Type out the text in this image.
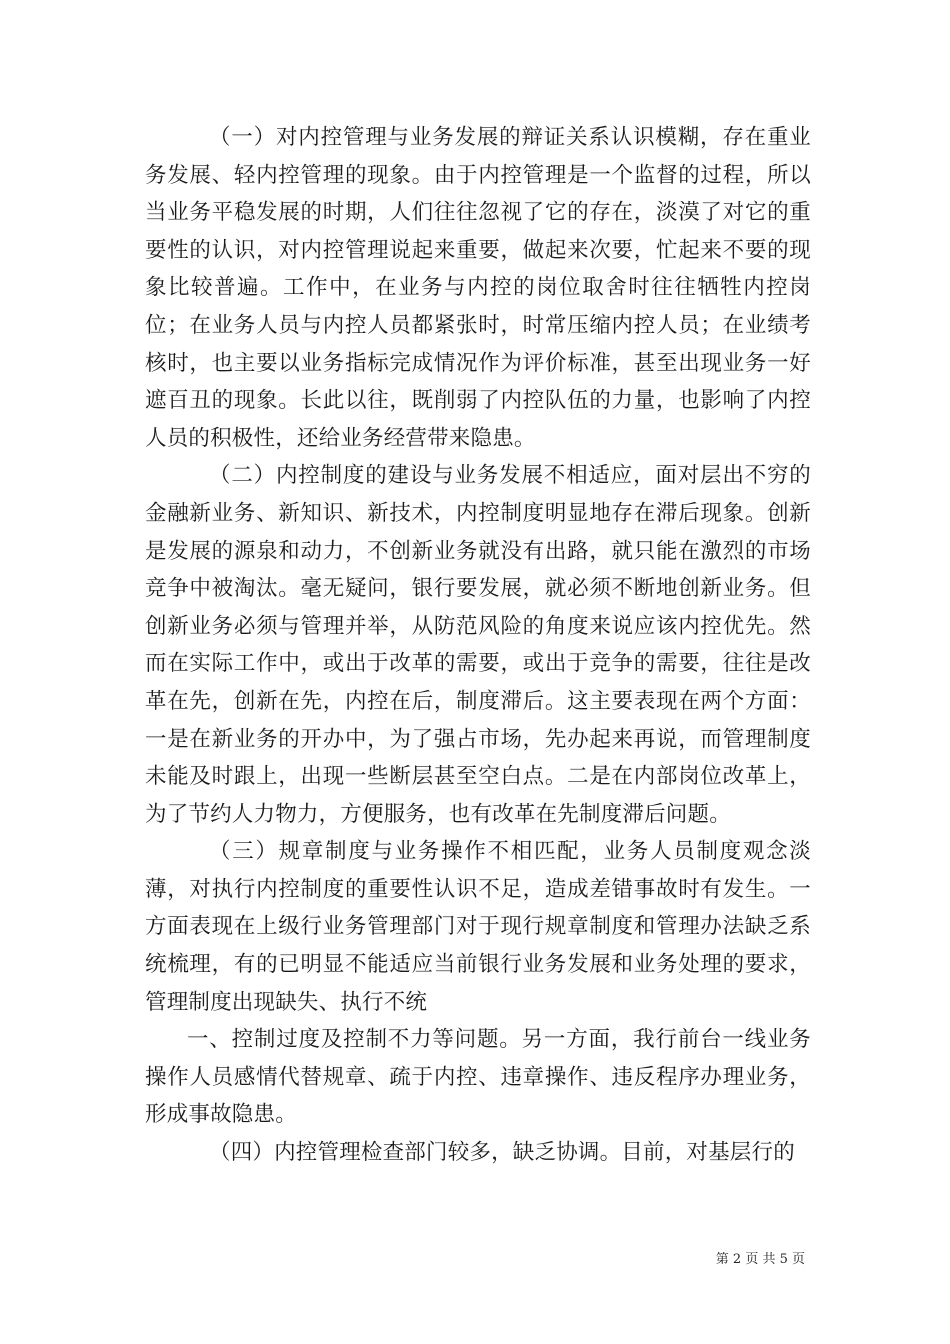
（一）对内控管理与业务发展的辩证关系认识模糊，存在重业务发展、轻内控管理的现象。由于内控管理是一个监督的过程，所以当业务平稳发展的时期，人们往往忽视了它的存在，淡漠了对它的重要性的认识，对内控管理说起来重要，做起来次要，忙起来不要的现象比较普遍。工作中，在业务与内控的岗位取舍时往往牺牲内控岗位；在业务人员与内控人员都紧张时，时常压缩内控人员；在业绩考核时，也主要以业务指标完成情况作为评价标准，甚至出现业务一好遮百丑的现象。长此以往，既削弱了内控队伍的力量，也影响了内控人员的积极性，还给业务经营带来隐患。

（二）内控制度的建设与业务发展不相适应，面对层出不穷的金融新业务、新知识、新技术，内控制度明显地存在滞后现象。创新是发展的源泉和动力，不创新业务就没有出路，就只能在激烈的市场竞争中被淘汰。毫无疑问，银行要发展，就必须不断地创新业务。但创新业务必须与管理并举，从防范风险的角度来说应该内控优先。然而在实际工作中，或出于改革的需要，或出于竞争的需要，往往是改革在先，创新在先，内控在后，制度滞后。这主要表现在两个方面：一是在新业务的开办中，为了强占市场，先办起来再说，而管理制度未能及时跟上，出现一些断层甚至空白点。二是在内部岗位改革上，为了节约人力物力，方便服务，也有改革在先制度滞后问题。

（三）规章制度与业务操作不相匹配，业务人员制度观念淡薄，对执行内控制度的重要性认识不足，造成差错事故时有发生。一方面表现在上级行业务管理部门对于现行规章制度和管理办法缺乏系统梳理，有的已明显不能适应当前银行业务发展和业务处理的要求，管理制度出现缺失、执行不统

一、控制过度及控制不力等问题。另一方面，我行前台一线业务操作人员感情代替规章、疏于内控、违章操作、违反程序办理业务，形成事故隐患。

（四）内控管理检查部门较多，缺乏协调。目前，对基层行的

第 2 页 共 5 页
